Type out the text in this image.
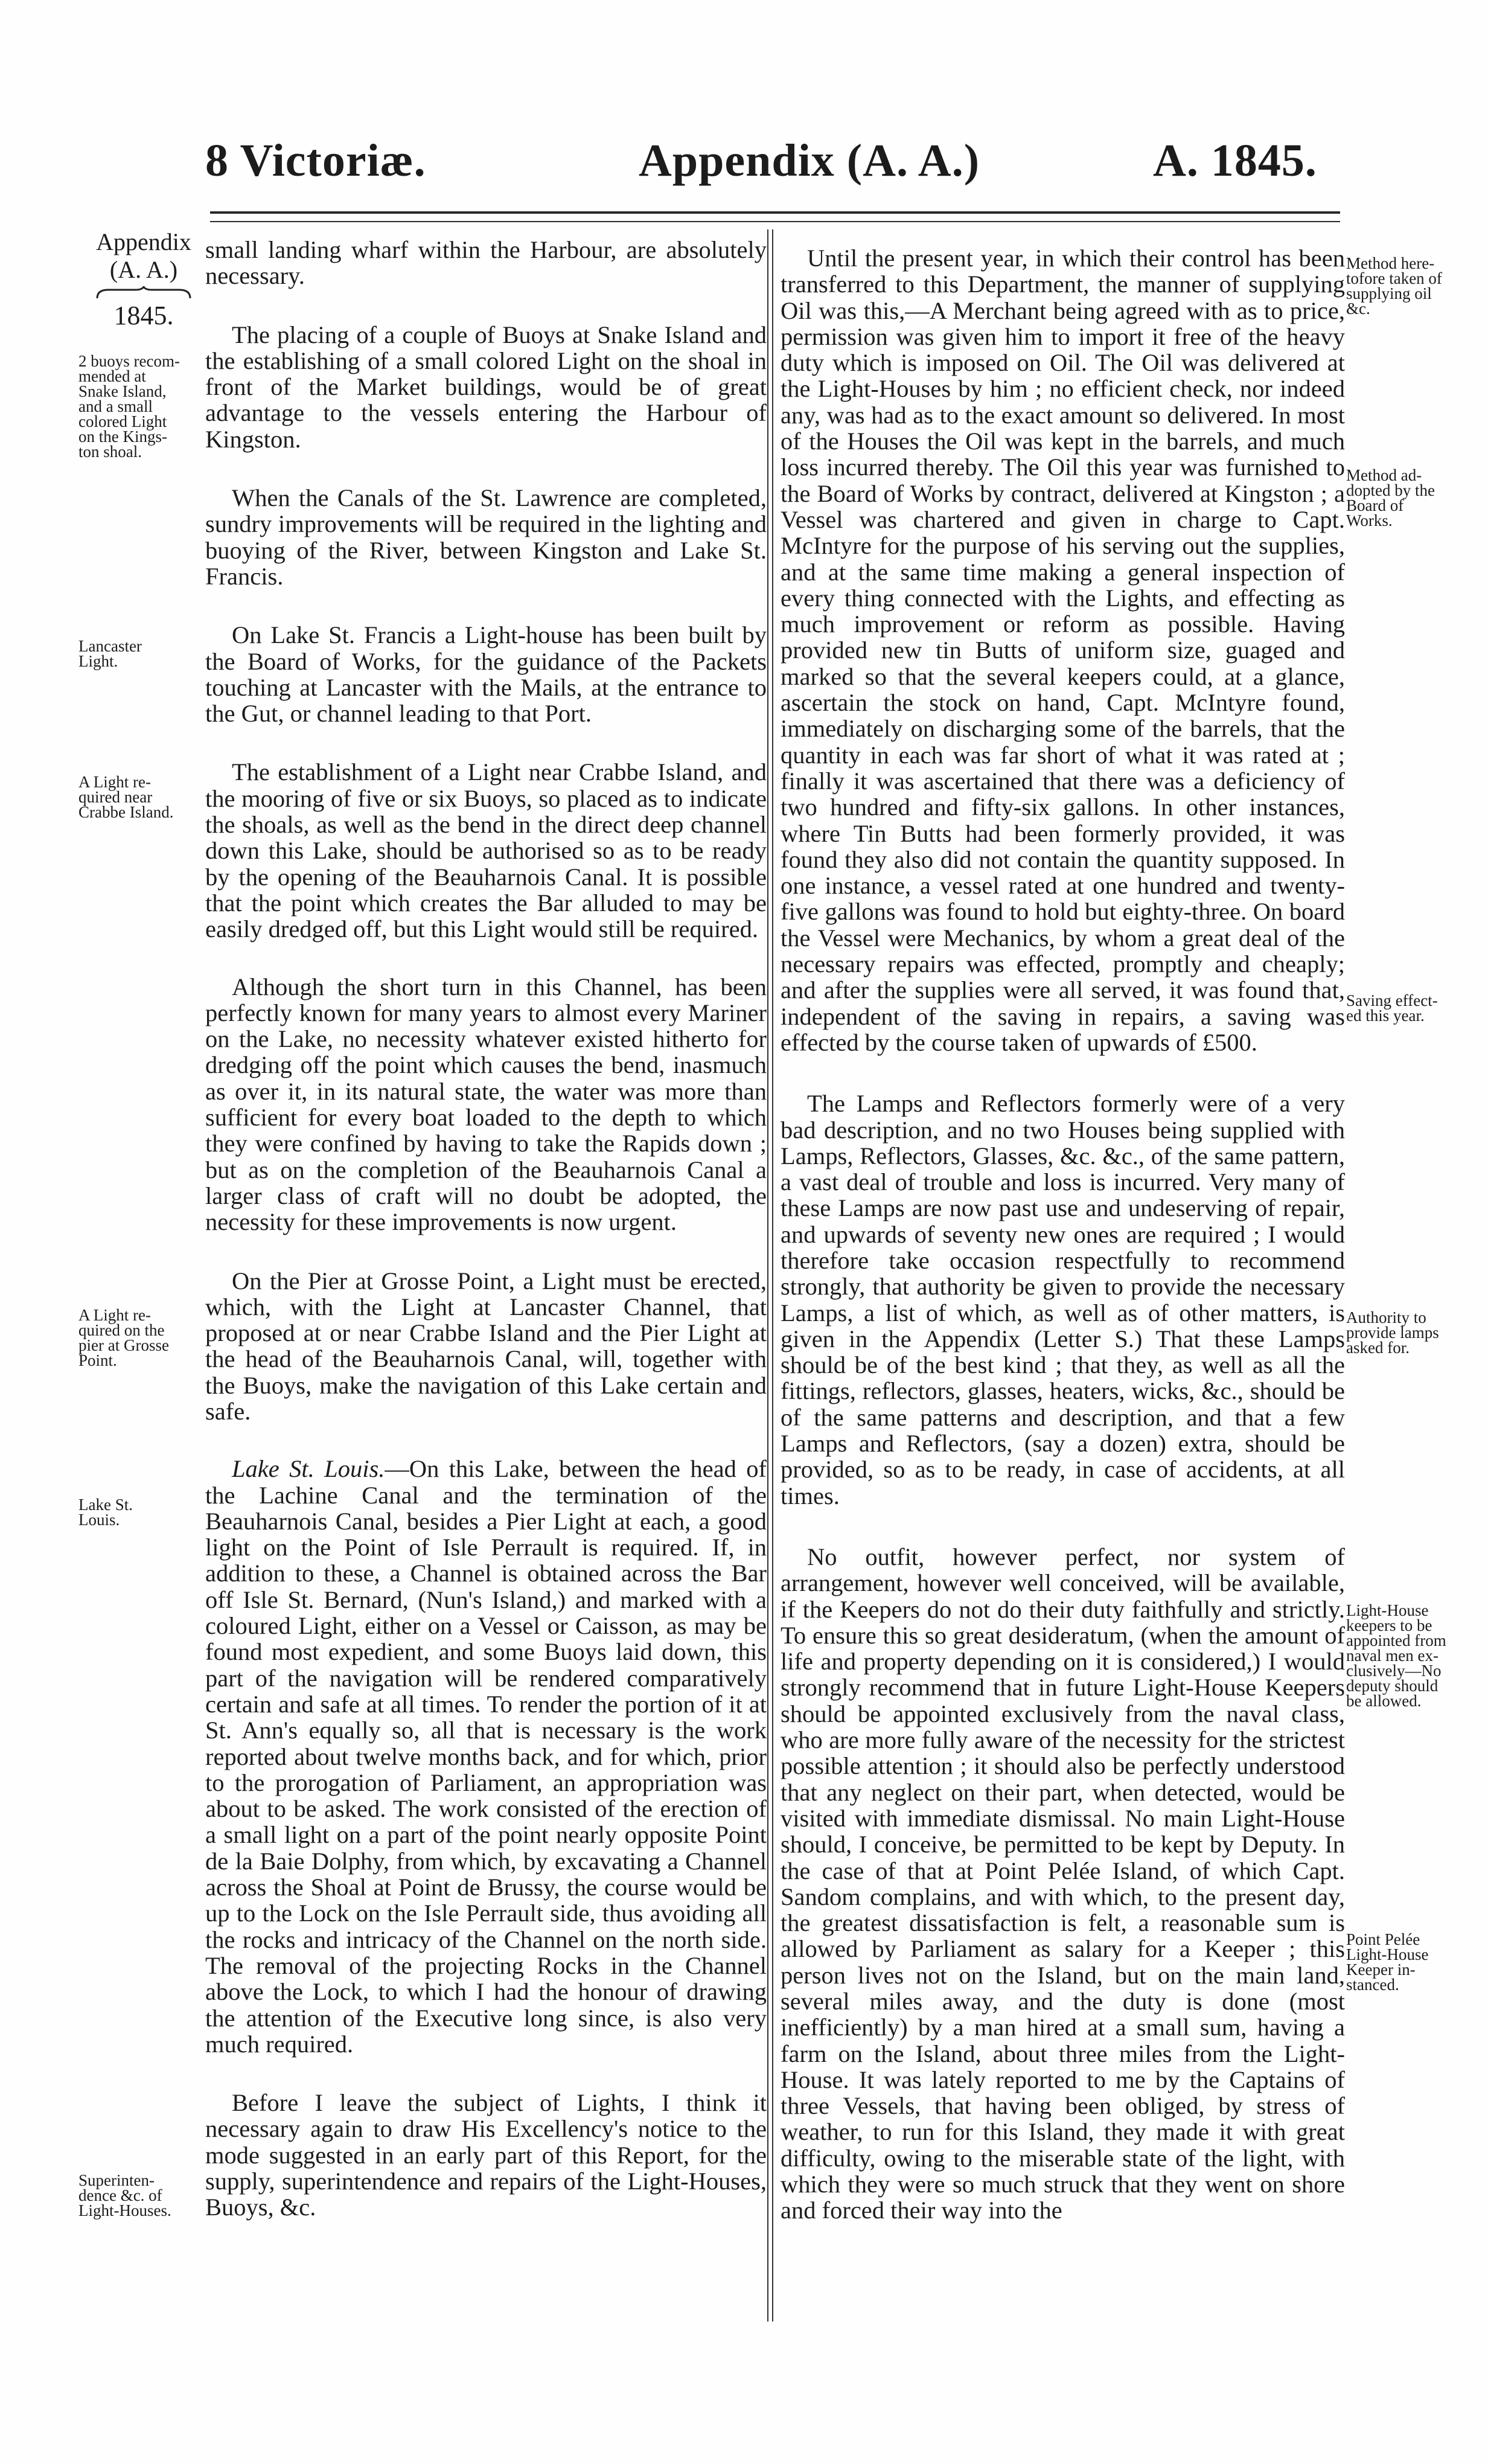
8 Victoriæ.	Appendix (A. A.)	A. 1845.
Appendix
(A. A.)
1845.
2 buoys recom-
mended at
Snake Island,
and a small
colored Light
on the Kings-
ton shoal.
Lancaster
Light.
A Light re-
quired near
Crabbe Island.
A Light re-
quired on the
pier at Grosse
Point.
Lake St.
Louis.
Superinten-
dence &c. of
Light-Houses.
Method here-
tofore taken of
supplying oil
&c.
Method ad-
dopted by the
Board of
Works.
Saving effect-
ed this year.
Authority to
provide lamps
asked for.
Light-House
keepers to be
appointed from
naval men ex-
clusively—No
deputy should
be allowed.
Point Pelée
Light-House
Keeper in-
stanced.

small landing wharf within the Harbour, are absolutely necessary.

The placing of a couple of Buoys at Snake Island and the establishing of a small colored Light on the shoal in front of the Market buildings, would be of great advantage to the vessels entering the Harbour of Kingston.

When the Canals of the St. Lawrence are completed, sundry improvements will be required in the lighting and buoying of the River, between Kingston and Lake St. Francis.

On Lake St. Francis a Light-house has been built by the Board of Works, for the guidance of the Packets touching at Lancaster with the Mails, at the entrance to the Gut, or channel leading to that Port.

The establishment of a Light near Crabbe Island, and the mooring of five or six Buoys, so placed as to indicate the shoals, as well as the bend in the direct deep channel down this Lake, should be authorised so as to be ready by the opening of the Beauharnois Canal. It is possible that the point which creates the Bar alluded to may be easily dredged off, but this Light would still be required.

Although the short turn in this Channel, has been perfectly known for many years to almost every Mariner on the Lake, no necessity whatever existed hitherto for dredging off the point which causes the bend, inasmuch as over it, in its natural state, the water was more than sufficient for every boat loaded to the depth to which they were confined by having to take the Rapids down ; but as on the completion of the Beauharnois Canal a larger class of craft will no doubt be adopted, the necessity for these improvements is now urgent.

On the Pier at Grosse Point, a Light must be erected, which, with the Light at Lancaster Channel, that proposed at or near Crabbe Island and the Pier Light at the head of the Beauharnois Canal, will, together with the Buoys, make the navigation of this Lake certain and safe.

Lake St. Louis.—On this Lake, between the head of the Lachine Canal and the termination of the Beauharnois Canal, besides a Pier Light at each, a good light on the Point of Isle Perrault is required. If, in addition to these, a Channel is obtained across the Bar off Isle St. Bernard, (Nun's Island,) and marked with a coloured Light, either on a Vessel or Caisson, as may be found most expedient, and some Buoys laid down, this part of the navigation will be rendered comparatively certain and safe at all times. To render the portion of it at St. Ann's equally so, all that is necessary is the work reported about twelve months back, and for which, prior to the prorogation of Parliament, an appropriation was about to be asked. The work consisted of the erection of a small light on a part of the point nearly opposite Point de la Baie Dolphy, from which, by excavating a Channel across the Shoal at Point de Brussy, the course would be up to the Lock on the Isle Perrault side, thus avoiding all the rocks and intricacy of the Channel on the north side. The removal of the projecting Rocks in the Channel above the Lock, to which I had the honour of drawing the attention of the Executive long since, is also very much required.

Before I leave the subject of Lights, I think it necessary again to draw His Excellency's notice to the mode suggested in an early part of this Report, for the supply, superintendence and repairs of the Light-Houses, Buoys, &c.

Until the present year, in which their control has been transferred to this Department, the manner of supplying Oil was this,—A Merchant being agreed with as to price, permission was given him to import it free of the heavy duty which is imposed on Oil. The Oil was delivered at the Light-Houses by him ; no efficient check, nor indeed any, was had as to the exact amount so delivered. In most of the Houses the Oil was kept in the barrels, and much loss incurred thereby. The Oil this year was furnished to the Board of Works by contract, delivered at Kingston ; a Vessel was chartered and given in charge to Capt. McIntyre for the purpose of his serving out the supplies, and at the same time making a general inspection of every thing connected with the Lights, and effecting as much improvement or reform as possible. Having provided new tin Butts of uniform size, guaged and marked so that the several keepers could, at a glance, ascertain the stock on hand, Capt. McIntyre found, immediately on discharging some of the barrels, that the quantity in each was far short of what it was rated at ; finally it was ascertained that there was a deficiency of two hundred and fifty-six gallons. In other instances, where Tin Butts had been formerly provided, it was found they also did not contain the quantity supposed. In one instance, a vessel rated at one hundred and twenty-five gallons was found to hold but eighty-three. On board the Vessel were Mechanics, by whom a great deal of the necessary repairs was effected, promptly and cheaply; and after the supplies were all served, it was found that, independent of the saving in repairs, a saving was effected by the course taken of upwards of £500.

The Lamps and Reflectors formerly were of a very bad description, and no two Houses being supplied with Lamps, Reflectors, Glasses, &c. &c., of the same pattern, a vast deal of trouble and loss is incurred. Very many of these Lamps are now past use and undeserving of repair, and upwards of seventy new ones are required ; I would therefore take occasion respectfully to recommend strongly, that authority be given to provide the necessary Lamps, a list of which, as well as of other matters, is given in the Appendix (Letter S.) That these Lamps should be of the best kind ; that they, as well as all the fittings, reflectors, glasses, heaters, wicks, &c., should be of the same patterns and description, and that a few Lamps and Reflectors, (say a dozen) extra, should be provided, so as to be ready, in case of accidents, at all times.

No outfit, however perfect, nor system of arrangement, however well conceived, will be available, if the Keepers do not do their duty faithfully and strictly. To ensure this so great desideratum, (when the amount of life and property depending on it is considered,) I would strongly recommend that in future Light-House Keepers should be appointed exclusively from the naval class, who are more fully aware of the necessity for the strictest possible attention ; it should also be perfectly understood that any neglect on their part, when detected, would be visited with immediate dismissal. No main Light-House should, I conceive, be permitted to be kept by Deputy. In the case of that at Point Pelée Island, of which Capt. Sandom complains, and with which, to the present day, the greatest dissatisfaction is felt, a reasonable sum is allowed by Parliament as salary for a Keeper ; this person lives not on the Island, but on the main land, several miles away, and the duty is done (most inefficiently) by a man hired at a small sum, having a farm on the Island, about three miles from the Light-House. It was lately reported to me by the Captains of three Vessels, that having been obliged, by stress of weather, to run for this Island, they made it with great difficulty, owing to the miserable state of the light, with which they were so much struck that they went on shore and forced their way into the
